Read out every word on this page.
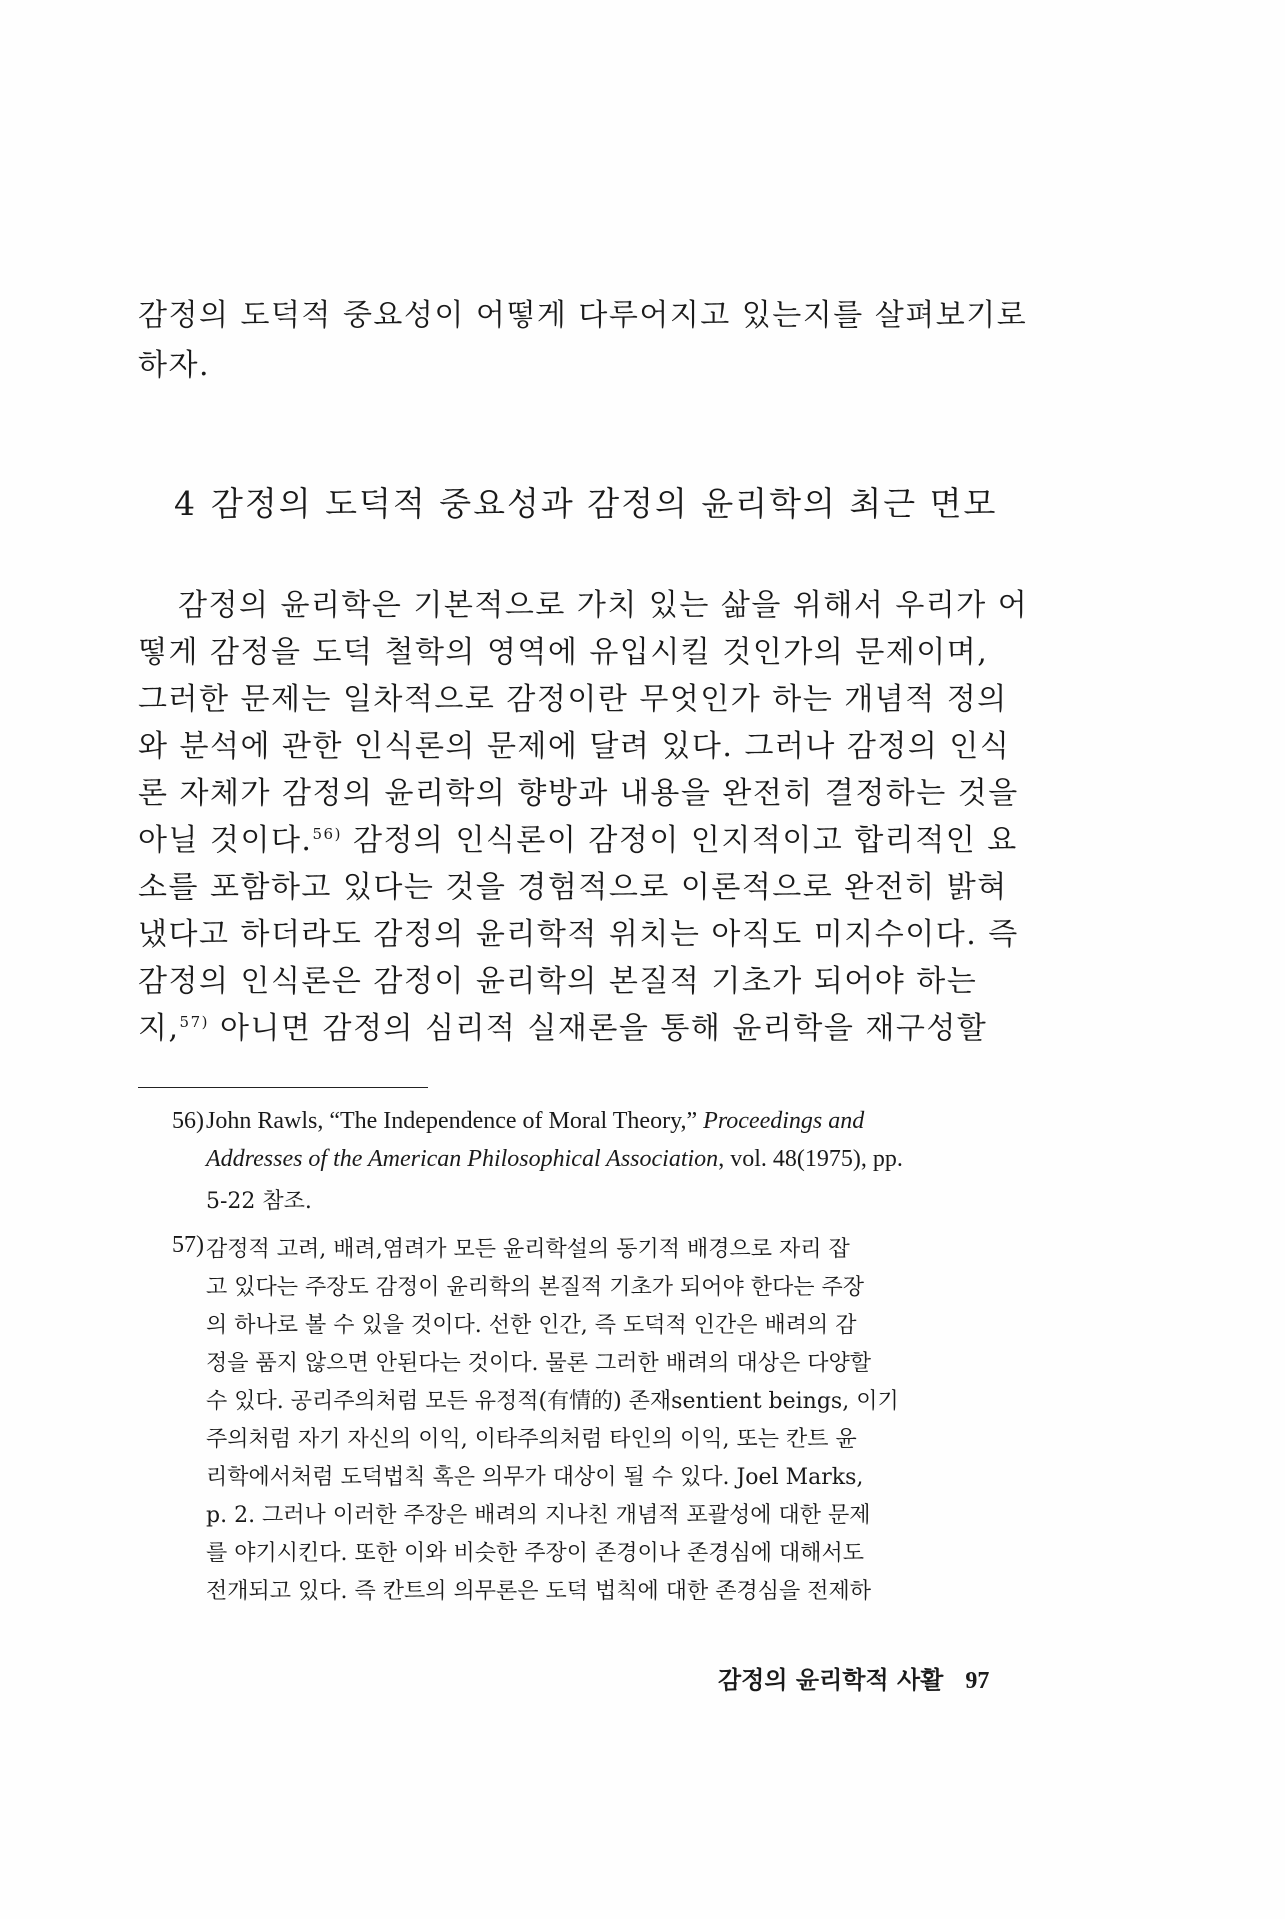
감정의 도덕적 중요성이 어떻게 다루어지고 있는지를 살펴보기로
하자.
4 감정의 도덕적 중요성과 감정의 윤리학의 최근 면모
감정의 윤리학은 기본적으로 가치 있는 삶을 위해서 우리가 어
떻게 감정을 도덕 철학의 영역에 유입시킬 것인가의 문제이며,
그러한 문제는 일차적으로 감정이란 무엇인가 하는 개념적 정의
와 분석에 관한 인식론의 문제에 달려 있다. 그러나 감정의 인식
론 자체가 감정의 윤리학의 향방과 내용을 완전히 결정하는 것을
아닐 것이다.$^{56)}$ 감정의 인식론이 감정이 인지적이고 합리적인 요
소를 포함하고 있다는 것을 경험적으로 이론적으로 완전히 밝혀
냈다고 하더라도 감정의 윤리학적 위치는 아직도 미지수이다. 즉
감정의 인식론은 감정이 윤리학의 본질적 기초가 되어야 하는
지,$^{57)}$ 아니면 감정의 심리적 실재론을 통해 윤리학을 재구성할
56) John Rawls, “The Independence of Moral Theory,” Proceedings and
Addresses of the American Philosophical Association, vol. 48(1975), pp.
5-22 참조.
57) 감정적 고려, 배려,염려가 모든 윤리학설의 동기적 배경으로 자리 잡
고 있다는 주장도 감정이 윤리학의 본질적 기초가 되어야 한다는 주장
의 하나로 볼 수 있을 것이다. 선한 인간, 즉 도덕적 인간은 배려의 감
정을 품지 않으면 안된다는 것이다. 물론 그러한 배려의 대상은 다양할
수 있다. 공리주의처럼 모든 유정적(有情的) 존재sentient beings, 이기
주의처럼 자기 자신의 이익, 이타주의처럼 타인의 이익, 또는 칸트 윤
리학에서처럼 도덕법칙 혹은 의무가 대상이 될 수 있다. Joel Marks,
p. 2. 그러나 이러한 주장은 배려의 지나친 개념적 포괄성에 대한 문제
를 야기시킨다. 또한 이와 비슷한 주장이 존경이나 존경심에 대해서도
전개되고 있다. 즉 칸트의 의무론은 도덕 법칙에 대한 존경심을 전제하
감정의 윤리학적 사활 97
